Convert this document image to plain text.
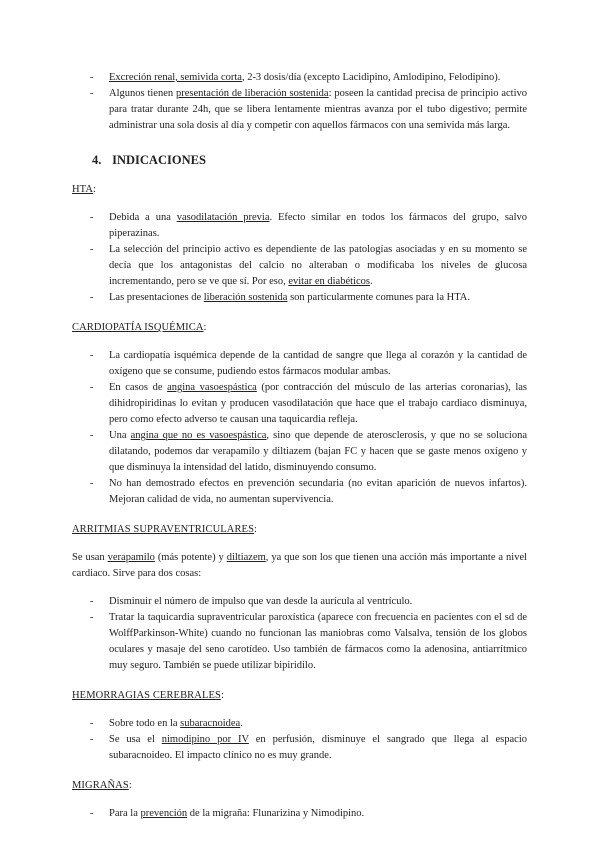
- Excreción renal, semivida corta, 2-3 dosis/día (excepto Lacidipino, Amlodipino, Felodipino).
- Algunos tienen presentación de liberación sostenida: poseen la cantidad precisa de principio activo para tratar durante 24h, que se libera lentamente mientras avanza por el tubo digestivo; permite administrar una sola dosis al día y competir con aquellos fármacos con una semivida más larga.
4. INDICACIONES
HTA:
- Debida a una vasodilatación previa. Efecto similar en todos los fármacos del grupo, salvo piperazinas.
- La selección del principio activo es dependiente de las patologías asociadas y en su momento se decía que los antagonistas del calcio no alteraban o modificaba los niveles de glucosa incrementando, pero se ve que sí. Por eso, evitar en diabéticos.
- Las presentaciones de liberación sostenida son particularmente comunes para la HTA.
CARDIOPATÍA ISQUÉMICA:
- La cardiopatía isquémica depende de la cantidad de sangre que llega al corazón y la cantidad de oxígeno que se consume, pudiendo estos fármacos modular ambas.
- En casos de angina vasoespástica (por contracción del músculo de las arterias coronarias), las dihidropiridinas lo evitan y producen vasodilatación que hace que el trabajo cardiaco disminuya, pero como efecto adverso te causan una taquicardia refleja.
- Una angina que no es vasoespástica, sino que depende de aterosclerosis, y que no se soluciona dilatando, podemos dar verapamilo y diltiazem (bajan FC y hacen que se gaste menos oxígeno y que disminuya la intensidad del latido, disminuyendo consumo.
- No han demostrado efectos en prevención secundaria (no evitan aparición de nuevos infartos). Mejoran calidad de vida, no aumentan supervivencia.
ARRITMIAS SUPRAVENTRICULARES:
Se usan verapamilo (más potente) y diltiazem, ya que son los que tienen una acción más importante a nivel cardiaco. Sirve para dos cosas:
- Disminuir el número de impulso que van desde la aurícula al ventrículo.
- Tratar la taquicardia supraventricular paroxística (aparece con frecuencia en pacientes con el sd de WolffParkinson-White) cuando no funcionan las maniobras como Valsalva, tensión de los globos oculares y masaje del seno carotídeo. Uso también de fármacos como la adenosina, antiarrítmico muy seguro. También se puede utilizar bipiridilo.
HEMORRAGIAS CEREBRALES:
- Sobre todo en la subaracnoidea.
- Se usa el nimodipino por IV en perfusión, disminuye el sangrado que llega al espacio subaracnoideo. El impacto clínico no es muy grande.
MIGRAÑAS:
- Para la prevención de la migraña: Flunarizina y Nimodipino.
